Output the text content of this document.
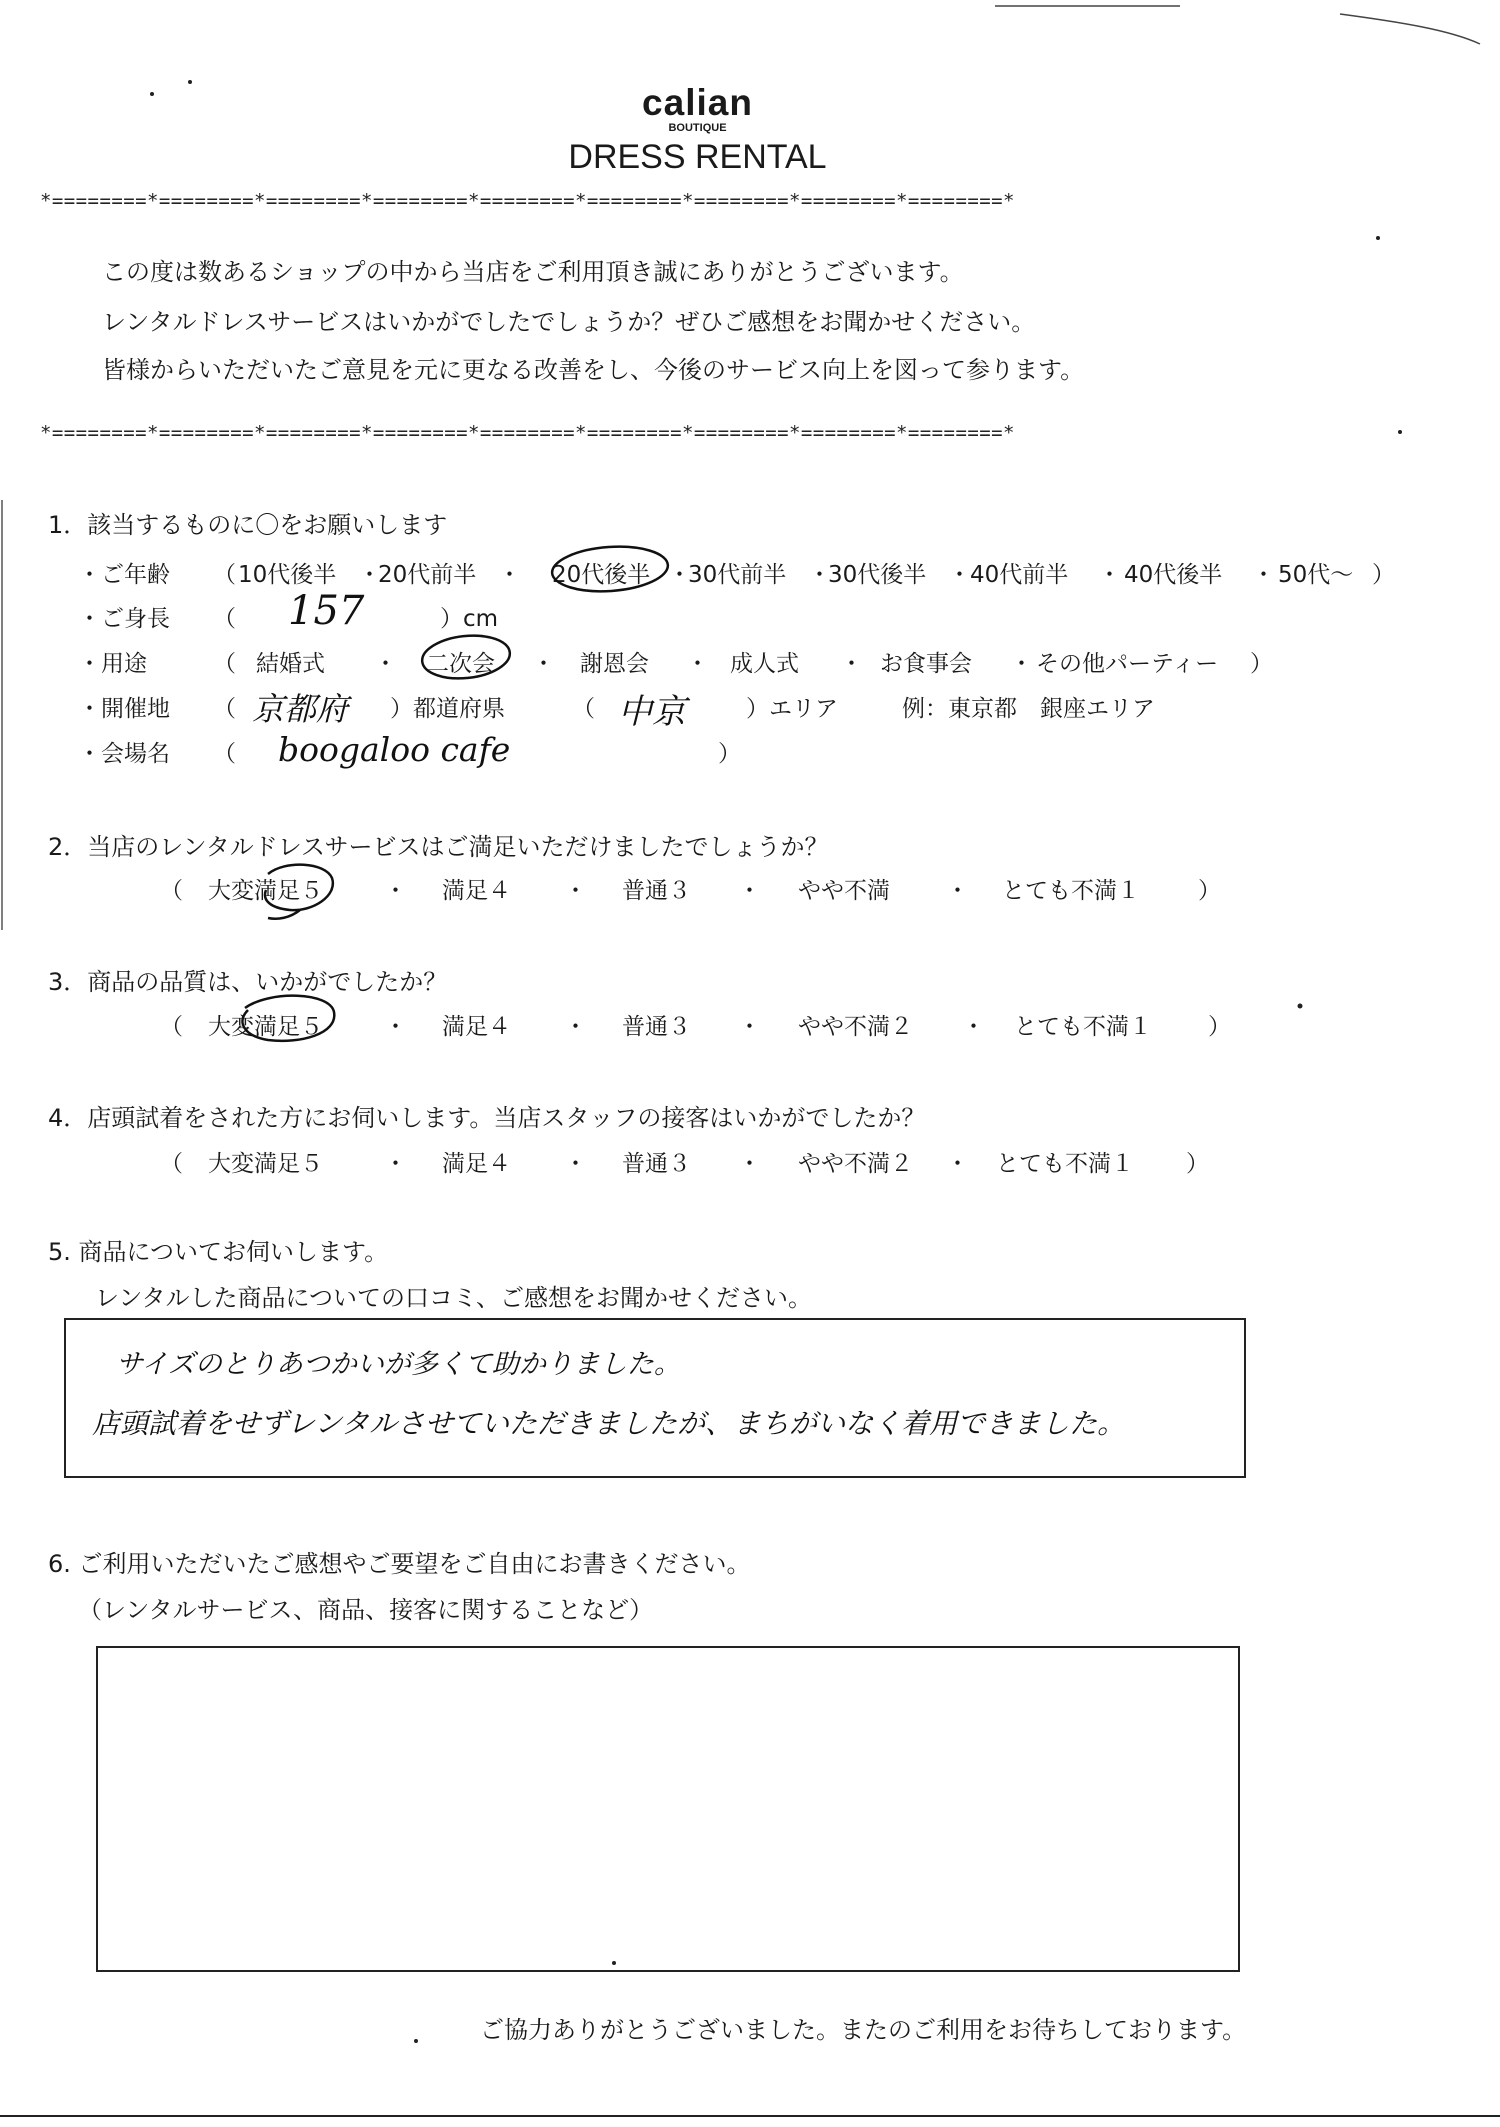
calian
BOUTIQUE
DRESS RENTAL
*========*========*========*========*========*========*========*========*========*
この度は数あるショップの中から当店をご利用頂き誠にありがとうございます。
レンタルドレスサービスはいかがでしたでしょうか？ぜひご感想をお聞かせください。
皆様からいただいたご意見を元に更なる改善をし、今後のサービス向上を図って参ります。
*========*========*========*========*========*========*========*========*========*
1．該当するものに〇をお願いします
・ご年齢 （ 10代後半 ・
20代前半 ・ 20代後半 ・
30代前半 ・
30代後半 ・ 40代前半 ・ 40代後半 ・ 50代～ ）
・ご身長 （ 157	）cm
・用途	（ 結婚式 ・ 二次会 ・ 謝恩会 ・ 成人式 ・ お食事会 ・ その他パーティー ）
・開催地 （ 京都府 ）都道府県	（ 中京	）エリア	例：東京都　銀座エリア
・会場名 （ boogaloo cafe	）
2．当店のレンタルドレスサービスはご満足いただけましたでしょうか？
（ 大変満足５	・ 満足４ ・ 普通３ ・ やや不満 ・ とても不満１	）
3．商品の品質は、いかがでしたか？
（ 大変満足５	・ 満足４ ・ 普通３ ・ やや不満２ ・ とても不満１ ）
4．店頭試着をされた方にお伺いします。当店スタッフの接客はいかがでしたか？
（ 大変満足５	・ 満足４ ・ 普通３ ・ やや不満２ ・ とても不満１ ）
5. 商品についてお伺いします。
レンタルした商品についての口コミ、ご感想をお聞かせください。
サイズのとりあつかいが多くて助かりました。
店頭試着をせずレンタルさせていただきましたが、まちがいなく着用できました。
6. ご利用いただいたご感想やご要望をご自由にお書きください。
（レンタルサービス、商品、接客に関することなど）
ご協力ありがとうございました。またのご利用をお待ちしております。
